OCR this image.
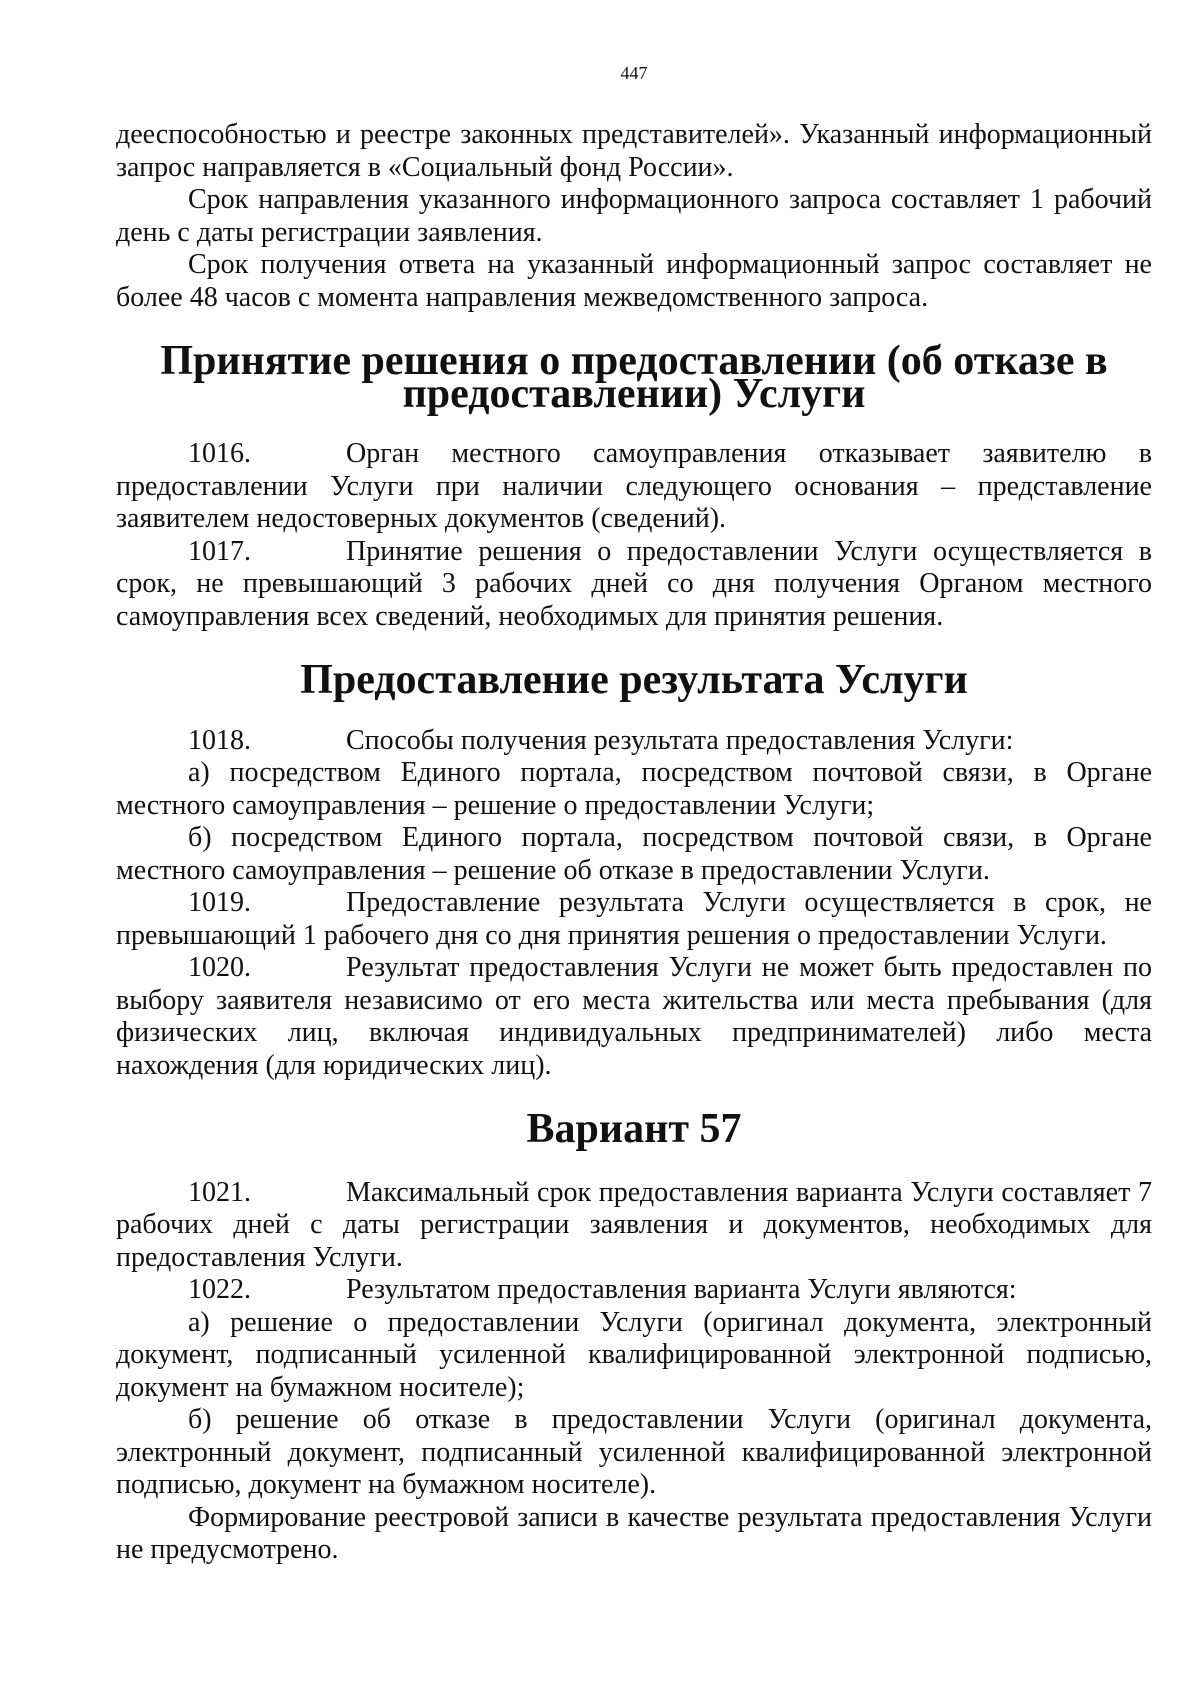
447

дееспособностью и реестре законных представителей». Указанный информационный запрос направляется в «Социальный фонд России».

Срок направления указанного информационного запроса составляет 1 рабочий день с даты регистрации заявления.

Срок получения ответа на указанный информационный запрос составляет не более 48 часов с момента направления межведомственного запроса.

Принятие решения о предоставлении (об отказе в предоставлении) Услуги

1016.	Орган местного самоуправления отказывает заявителю в предоставлении Услуги при наличии следующего основания – представление заявителем недостоверных документов (сведений).

1017.	Принятие решения о предоставлении Услуги осуществляется в срок, не превышающий 3 рабочих дней со дня получения Органом местного самоуправления всех сведений, необходимых для принятия решения.

Предоставление результата Услуги

1018.	Способы получения результата предоставления Услуги:

а) посредством Единого портала, посредством почтовой связи, в Органе местного самоуправления – решение о предоставлении Услуги;

б) посредством Единого портала, посредством почтовой связи, в Органе местного самоуправления – решение об отказе в предоставлении Услуги.

1019.	Предоставление результата Услуги осуществляется в срок, не превышающий 1 рабочего дня со дня принятия решения о предоставлении Услуги.

1020.	Результат предоставления Услуги не может быть предоставлен по выбору заявителя независимо от его места жительства или места пребывания (для физических лиц, включая индивидуальных предпринимателей) либо места нахождения (для юридических лиц).

Вариант 57

1021.	Максимальный срок предоставления варианта Услуги составляет 7 рабочих дней с даты регистрации заявления и документов, необходимых для предоставления Услуги.

1022.	Результатом предоставления варианта Услуги являются:

а) решение о предоставлении Услуги (оригинал документа, электронный документ, подписанный усиленной квалифицированной электронной подписью, документ на бумажном носителе);

б) решение об отказе в предоставлении Услуги (оригинал документа, электронный документ, подписанный усиленной квалифицированной электронной подписью, документ на бумажном носителе).

Формирование реестровой записи в качестве результата предоставления Услуги не предусмотрено.
